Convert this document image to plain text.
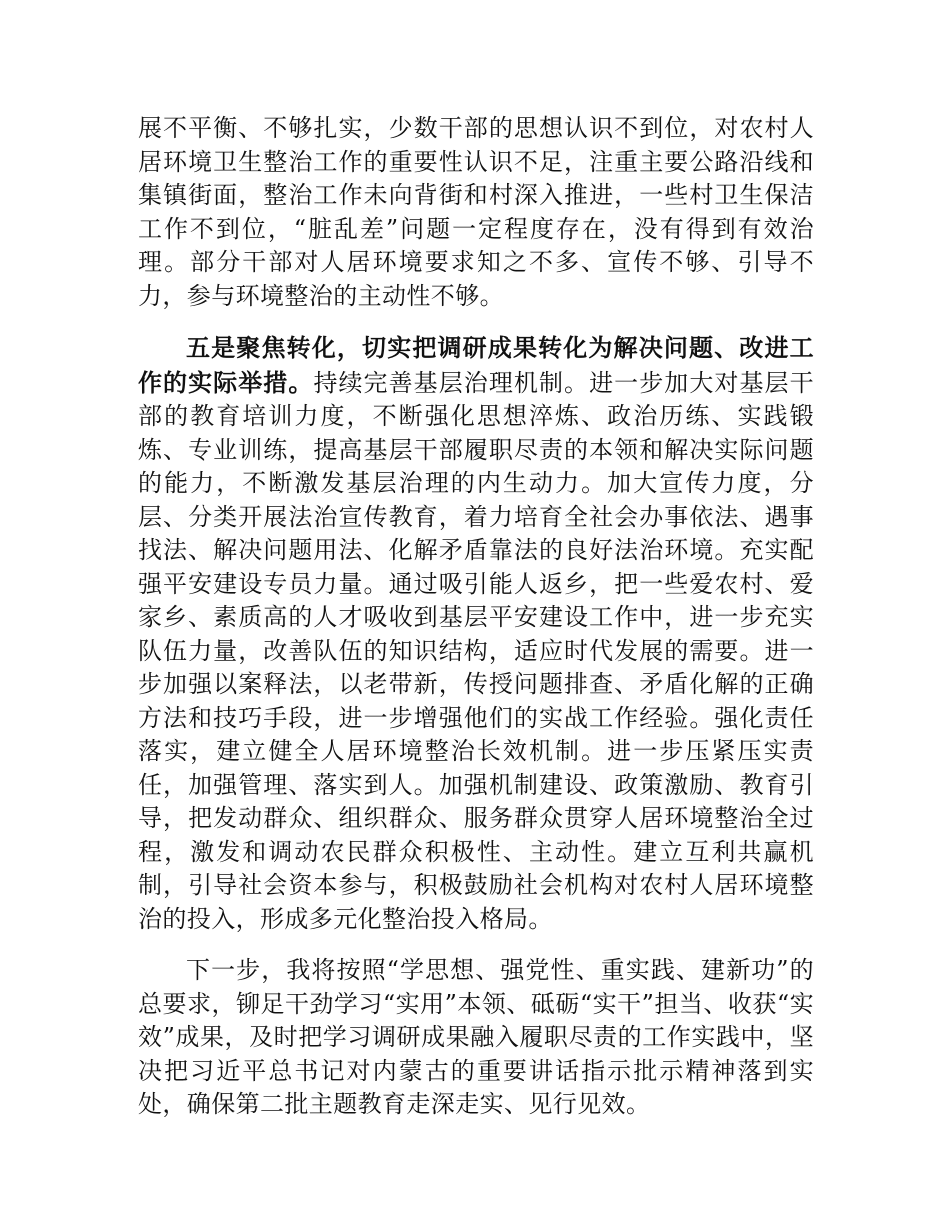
展不平衡、不够扎实，少数干部的思想认识不到位，对农村人居环境卫生整治工作的重要性认识不足，注重主要公路沿线和集镇街面，整治工作未向背街和村深入推进，一些村卫生保洁工作不到位，“脏乱差”问题一定程度存在，没有得到有效治理。部分干部对人居环境要求知之不多、宣传不够、引导不力，参与环境整治的主动性不够。

五是聚焦转化，切实把调研成果转化为解决问题、改进工作的实际举措。持续完善基层治理机制。进一步加大对基层干部的教育培训力度，不断强化思想淬炼、政治历练、实践锻炼、专业训练，提高基层干部履职尽责的本领和解决实际问题的能力，不断激发基层治理的内生动力。加大宣传力度，分层、分类开展法治宣传教育，着力培育全社会办事依法、遇事找法、解决问题用法、化解矛盾靠法的良好法治环境。充实配强平安建设专员力量。通过吸引能人返乡，把一些爱农村、爱家乡、素质高的人才吸收到基层平安建设工作中，进一步充实队伍力量，改善队伍的知识结构，适应时代发展的需要。进一步加强以案释法，以老带新，传授问题排查、矛盾化解的正确方法和技巧手段，进一步增强他们的实战工作经验。强化责任落实，建立健全人居环境整治长效机制。进一步压紧压实责任，加强管理、落实到人。加强机制建设、政策激励、教育引导，把发动群众、组织群众、服务群众贯穿人居环境整治全过程，激发和调动农民群众积极性、主动性。建立互利共赢机制，引导社会资本参与，积极鼓励社会机构对农村人居环境整治的投入，形成多元化整治投入格局。

下一步，我将按照“学思想、强党性、重实践、建新功”的总要求，铆足干劲学习“实用”本领、砥砺“实干”担当、收获“实效”成果，及时把学习调研成果融入履职尽责的工作实践中，坚决把习近平总书记对内蒙古的重要讲话指示批示精神落到实处，确保第二批主题教育走深走实、见行见效。
